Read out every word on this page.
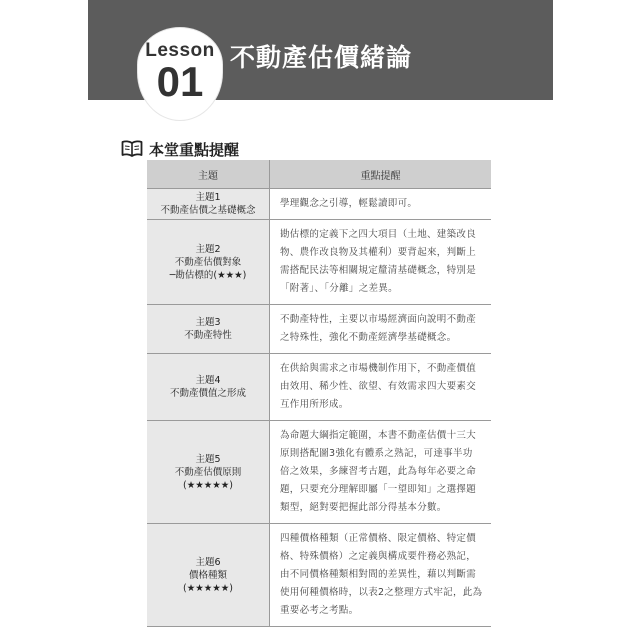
Lesson
01
不動產估價緒論
本堂重點提醒
主題	重點提醒

主題1
不動產估價之基礎概念	學理觀念之引導，輕鬆讀即可。

主題2
不動產估價對象
─勘估標的(★★★)	勘估標的定義下之四大項目（土地、建築改良
物、農作改良物及其權利）要背起來，判斷上
需搭配民法等相關規定釐清基礎概念，特別是
「附著」、「分離」之差異。

主題3
不動產特性	不動產特性，主要以市場經濟面向說明不動產
之特殊性，強化不動產經濟學基礎概念。

主題4
不動產價值之形成	在供給與需求之市場機制作用下，不動產價值
由效用、稀少性、欲望、有效需求四大要素交
互作用所形成。

主題5
不動產估價原則
(★★★★★)	為命題大綱指定範圍，本書不動產估價十三大
原則搭配圖3強化有體系之熟記，可達事半功
倍之效果，多練習考古題，此為每年必要之命
題，只要充分理解即屬「一望即知」之選擇題
類型，絕對要把握此部分得基本分數。

主題6
價格種類
(★★★★★)	四種價格種類（正常價格、限定價格、特定價
格、特殊價格）之定義與構成要件務必熟記，
由不同價格種類相對間的差異性，藉以判斷需
使用何種價格時，以表2之整理方式牢記，此為
重要必考之考點。
